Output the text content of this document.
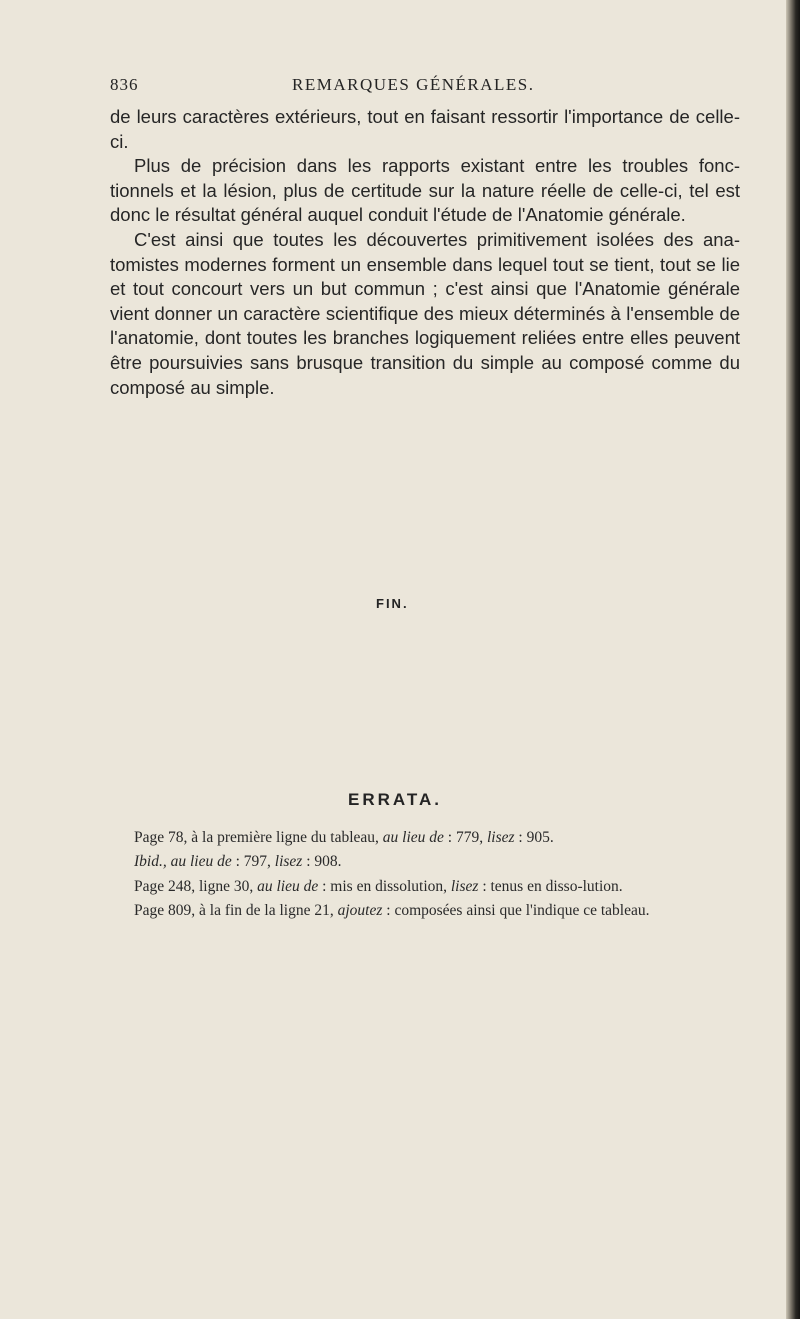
836	REMARQUES GÉNÉRALES.

de leurs caractères extérieurs, tout en faisant ressortir l'importance de celle-ci.

Plus de précision dans les rapports existant entre les troubles fonc-tionnels et la lésion, plus de certitude sur la nature réelle de celle-ci, tel est donc le résultat général auquel conduit l'étude de l'Anatomie générale.

C'est ainsi que toutes les découvertes primitivement isolées des ana-tomistes modernes forment un ensemble dans lequel tout se tient, tout se lie et tout concourt vers un but commun ; c'est ainsi que l'Anatomie générale vient donner un caractère scientifique des mieux déterminés à l'ensemble de l'anatomie, dont toutes les branches logiquement reliées entre elles peuvent être poursuivies sans brusque transition du simple au composé comme du composé au simple.

FIN.
ERRATA.

Page 78, à la première ligne du tableau, au lieu de : 779, lisez : 905.

Ibid., au lieu de : 797, lisez : 908.

Page 248, ligne 30, au lieu de : mis en dissolution, lisez : tenus en disso-lution.

Page 809, à la fin de la ligne 21, ajoutez : composées ainsi que l'indique ce tableau.
